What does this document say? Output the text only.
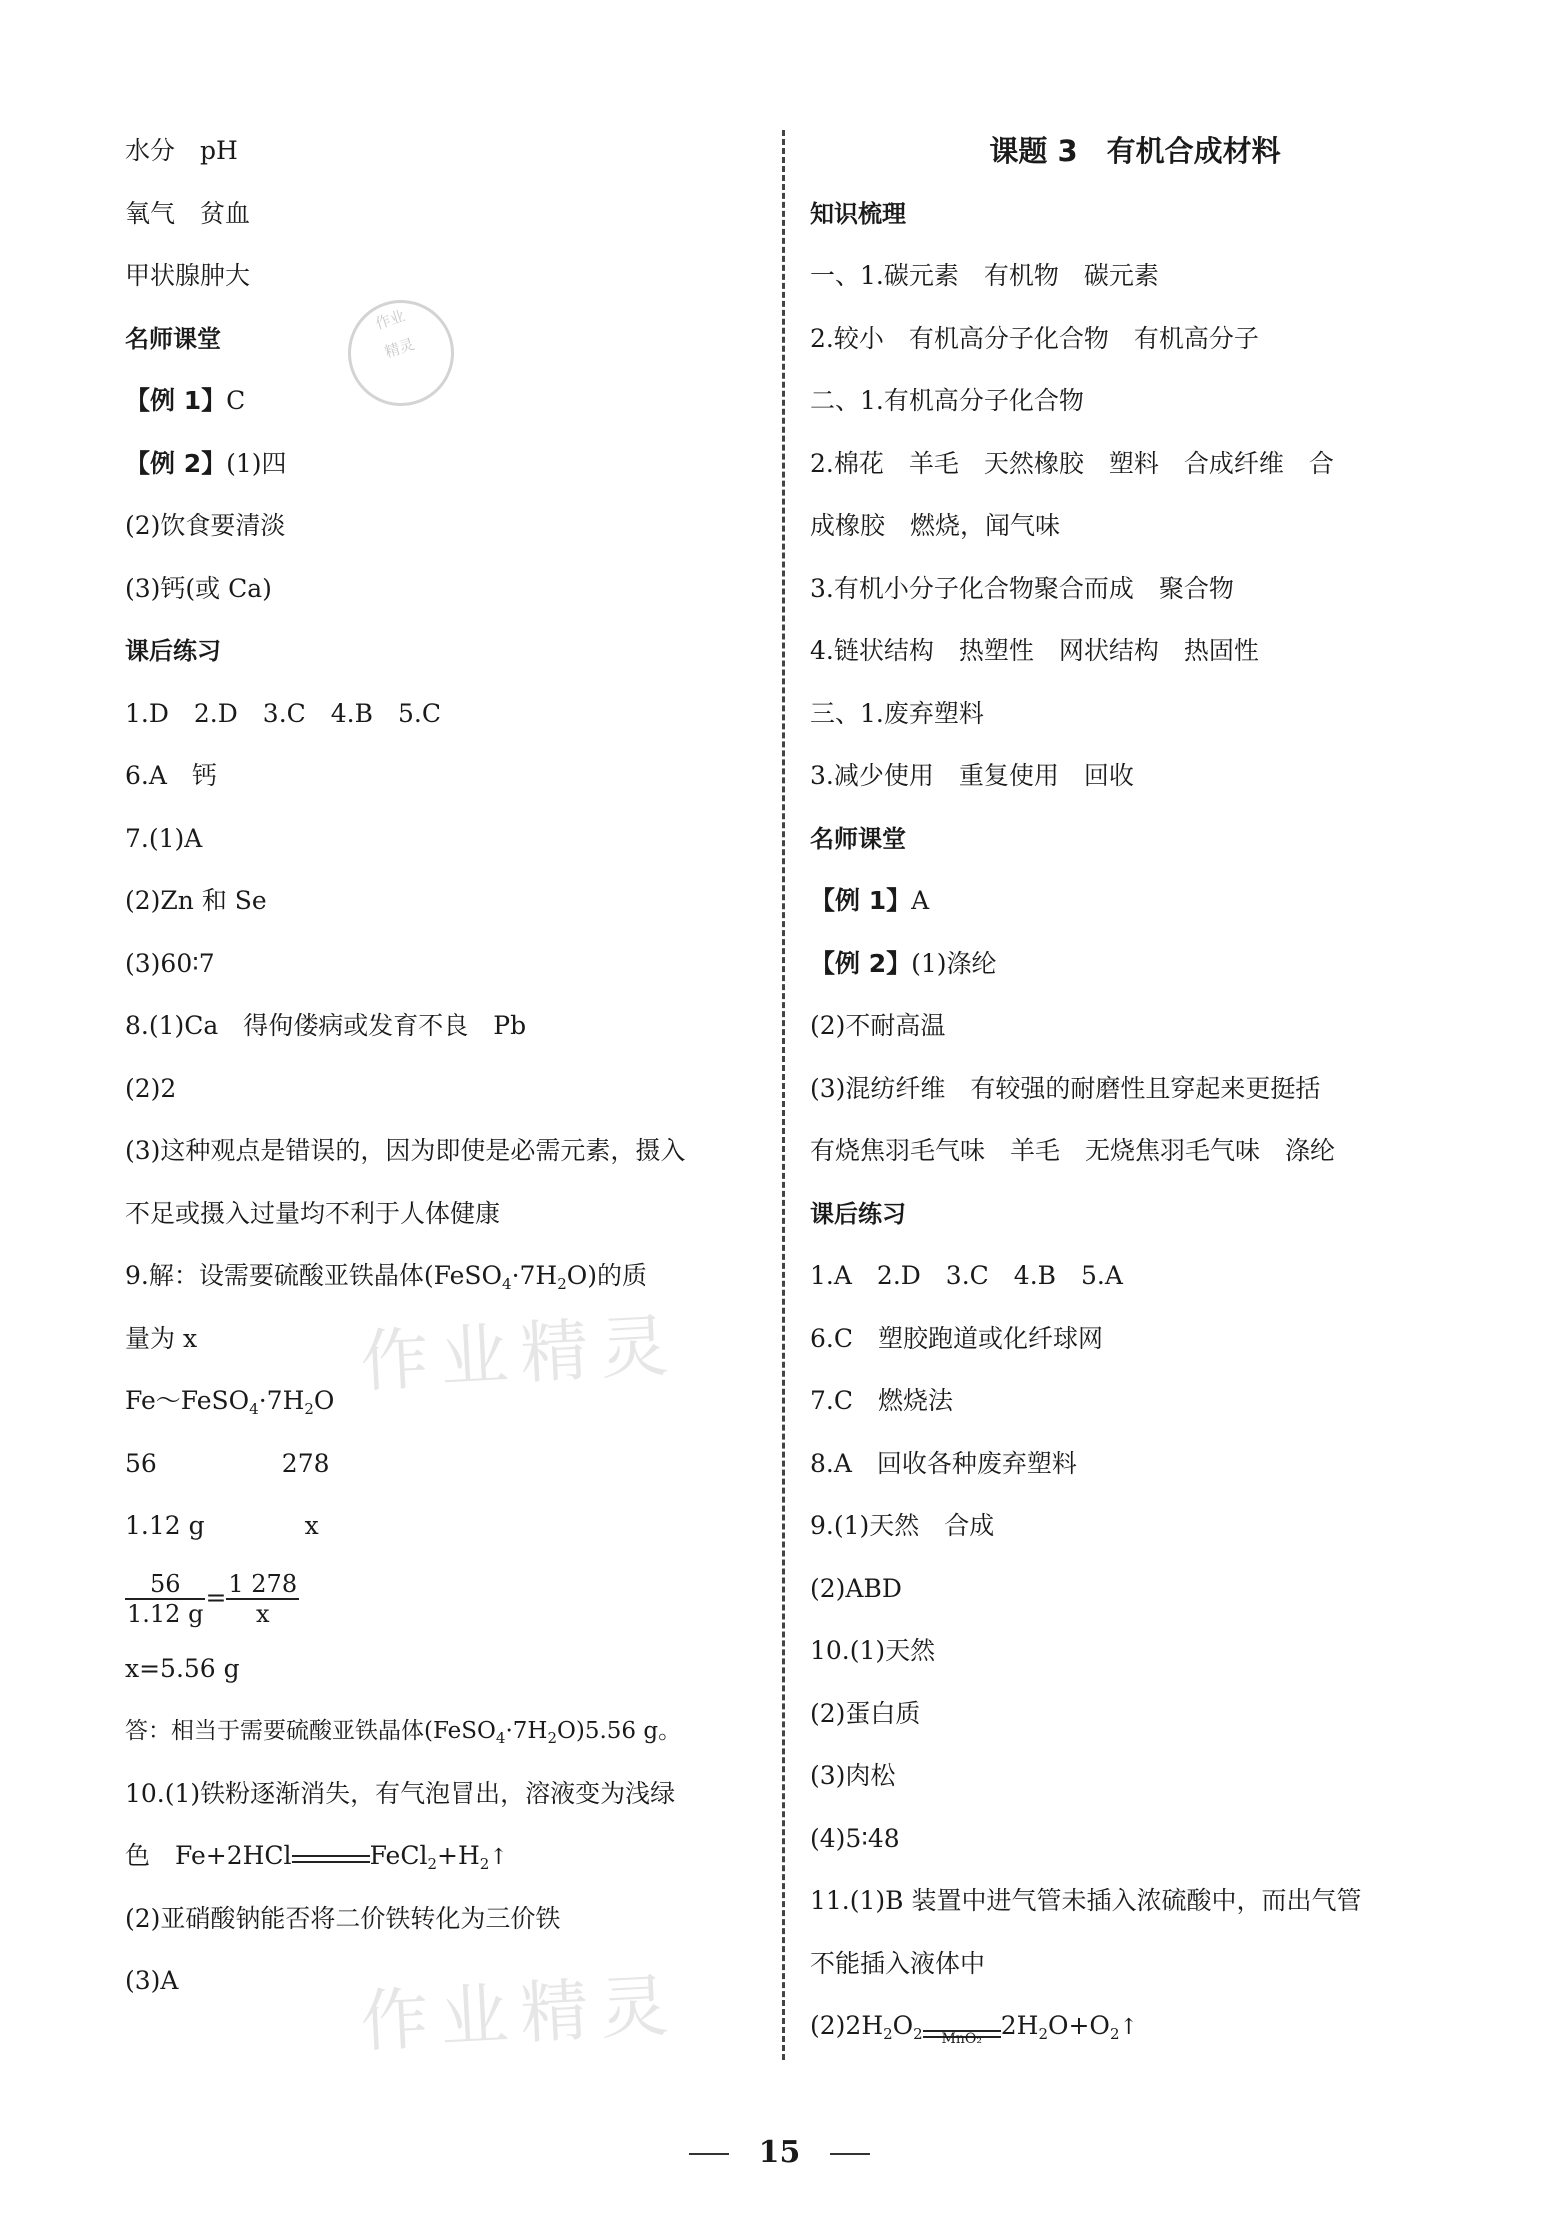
作业
精灵
作业精灵
作业精灵
水分　pH
氧气　贫血
甲状腺肿大
名师课堂
【例 1】C
【例 2】(1)四
(2)饮食要清淡
(3)钙(或 Ca)
课后练习
1.D　2.D　3.C　4.B　5.C
6.A　钙
7.(1)A
(2)Zn 和 Se
(3)60∶7
8.(1)Ca　得佝偻病或发育不良　Pb
(2)2
(3)这种观点是错误的，因为即使是必需元素，摄入
不足或摄入过量均不利于人体健康
9.解：设需要硫酸亚铁晶体$(FeSO_4\cdot 7H_2O)$的质
量为 x
$Fe\sim FeSO_4\cdot 7H_2O$
56　　　　　278
1.12 g　　　　x
$\frac{56}{1.12 g} = \frac{1 278}{x}$
x=5.56 g
答：相当于需要硫酸亚铁晶体$(FeSO_4\cdot 7H_2O)5.56$ g。
10.(1)铁粉逐渐消失，有气泡冒出，溶液变为浅绿
色　Fe+2HCl	$FeCl_2+H_2↑$
(2)亚硝酸钠能否将二价铁转化为三价铁
(3)A
课题 3　有机合成材料
知识梳理
一、1.碳元素　有机物　碳元素
2.较小　有机高分子化合物　有机高分子
二、1.有机高分子化合物
2.棉花　羊毛　天然橡胶　塑料　合成纤维　合
成橡胶　燃烧，闻气味
3.有机小分子化合物聚合而成　聚合物
4.链状结构　热塑性　网状结构　热固性
三、1.废弃塑料
3.减少使用　重复使用　回收
名师课堂
【例 1】A
【例 2】(1)涤纶
(2)不耐高温
(3)混纺纤维　有较强的耐磨性且穿起来更挺括
有烧焦羽毛气味　羊毛　无烧焦羽毛气味　涤纶
课后练习
1.A　2.D　3.C　4.B　5.A
6.C　塑胶跑道或化纤球网
7.C　燃烧法
8.A　回收各种废弃塑料
9.(1)天然　合成
(2)ABD
10.(1)天然
(2)蛋白质
(3)肉松
(4)5∶48
11.(1)B 装置中进气管未插入浓硫酸中，而出气管
不能插入液体中
$(2)2H_2O_2$	MnO₂ $2H_2O+O_2↑$
15
